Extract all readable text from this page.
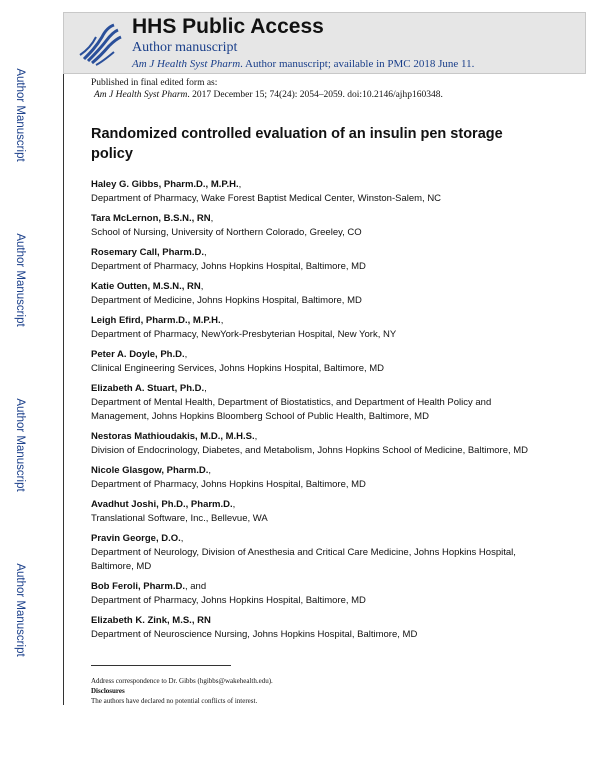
Author Manuscript
Author Manuscript
Author Manuscript
Author Manuscript
HHS Public Access
Author manuscript
Am J Health Syst Pharm. Author manuscript; available in PMC 2018 June 11.
Published in final edited form as:
Am J Health Syst Pharm. 2017 December 15; 74(24): 2054–2059. doi:10.2146/ajhp160348.
Randomized controlled evaluation of an insulin pen storage policy
Haley G. Gibbs, Pharm.D., M.P.H.,
Department of Pharmacy, Wake Forest Baptist Medical Center, Winston-Salem, NC
Tara McLernon, B.S.N., RN,
School of Nursing, University of Northern Colorado, Greeley, CO
Rosemary Call, Pharm.D.,
Department of Pharmacy, Johns Hopkins Hospital, Baltimore, MD
Katie Outten, M.S.N., RN,
Department of Medicine, Johns Hopkins Hospital, Baltimore, MD
Leigh Efird, Pharm.D., M.P.H.,
Department of Pharmacy, NewYork-Presbyterian Hospital, New York, NY
Peter A. Doyle, Ph.D.,
Clinical Engineering Services, Johns Hopkins Hospital, Baltimore, MD
Elizabeth A. Stuart, Ph.D.,
Department of Mental Health, Department of Biostatistics, and Department of Health Policy and Management, Johns Hopkins Bloomberg School of Public Health, Baltimore, MD
Nestoras Mathioudakis, M.D., M.H.S.,
Division of Endocrinology, Diabetes, and Metabolism, Johns Hopkins School of Medicine, Baltimore, MD
Nicole Glasgow, Pharm.D.,
Department of Pharmacy, Johns Hopkins Hospital, Baltimore, MD
Avadhut Joshi, Ph.D., Pharm.D.,
Translational Software, Inc., Bellevue, WA
Pravin George, D.O.,
Department of Neurology, Division of Anesthesia and Critical Care Medicine, Johns Hopkins Hospital, Baltimore, MD
Bob Feroli, Pharm.D., and
Department of Pharmacy, Johns Hopkins Hospital, Baltimore, MD
Elizabeth K. Zink, M.S., RN
Department of Neuroscience Nursing, Johns Hopkins Hospital, Baltimore, MD
Address correspondence to Dr. Gibbs (hgibbs@wakehealth.edu).
Disclosures
The authors have declared no potential conflicts of interest.
